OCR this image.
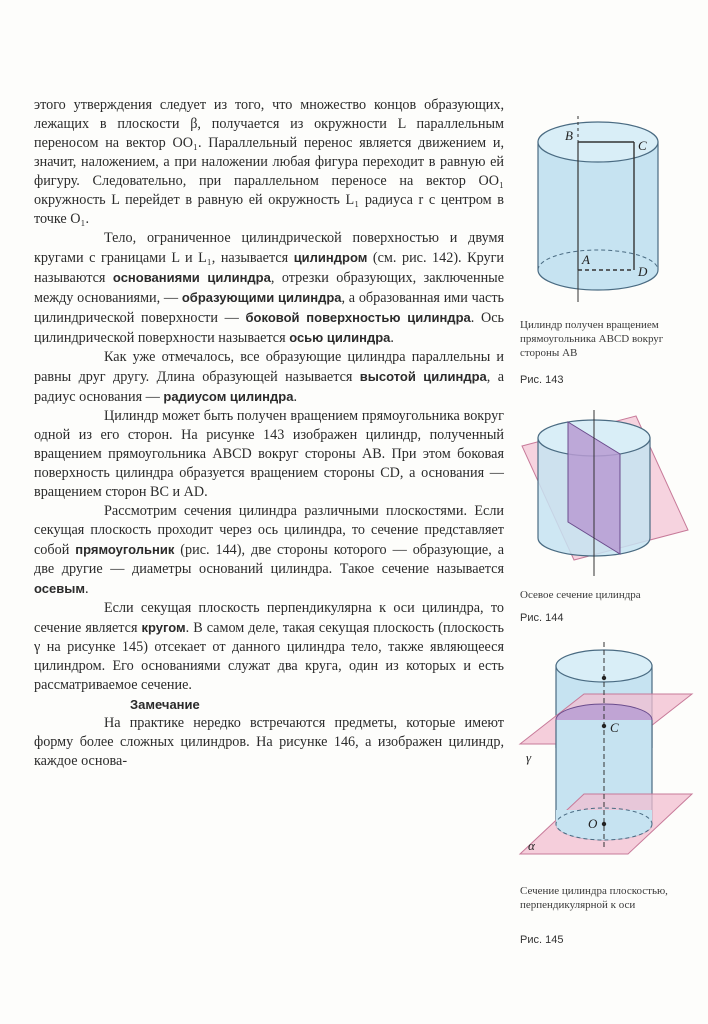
этого утверждения следует из того, что множество концов образующих, лежащих в плоскости β, получается из окружности L параллельным переносом на вектор OO₁. Параллельный перенос является движением и, значит, наложением, а при наложении любая фигура переходит в равную ей фигуру. Следовательно, при параллельном переносе на вектор OO₁ окружность L перейдет в равную ей окружность L₁ радиуса r с центром в точке O₁.

Тело, ограниченное цилиндрической поверхностью и двумя кругами с границами L и L₁, называется цилиндром (см. рис. 142). Круги называются основаниями цилиндра, отрезки образующих, заключенные между основаниями, — образующими цилиндра, а образованная ими часть цилиндрической поверхности — боковой поверхностью цилиндра. Ось цилиндрической поверхности называется осью цилиндра.

Как уже отмечалось, все образующие цилиндра параллельны и равны друг другу. Длина образующей называется высотой цилиндра, а радиус основания — радиусом цилиндра.

Цилиндр может быть получен вращением прямоугольника вокруг одной из его сторон. На рисунке 143 изображен цилиндр, полученный вращением прямоугольника ABCD вокруг стороны AB. При этом боковая поверхность цилиндра образуется вращением стороны CD, а основания — вращением сторон BC и AD.

Рассмотрим сечения цилиндра различными плоскостями. Если секущая плоскость проходит через ось цилиндра, то сечение представляет собой прямоугольник (рис. 144), две стороны которого — образующие, а две другие — диаметры оснований цилиндра. Такое сечение называется осевым.

Если секущая плоскость перпендикулярна к оси цилиндра, то сечение является кругом. В самом деле, такая секущая плоскость (плоскость γ на рисунке 145) отсекает от данного цилиндра тело, также являющееся цилиндром. Его основаниями служат два круга, один из которых и есть рассматриваемое сечение.

Замечание

На практике нередко встречаются предметы, которые имеют форму более сложных цилиндров. На рисунке 146, а изображен цилиндр, каждое основа-

B
C
A
D
Цилиндр получен вращением прямоугольника ABCD вокруг стороны AB
Рис. 143
Осевое сечение цилиндра
Рис. 144
C
O
γ
α
Сечение цилиндра плоскостью, перпендикулярной к оси
Рис. 145
